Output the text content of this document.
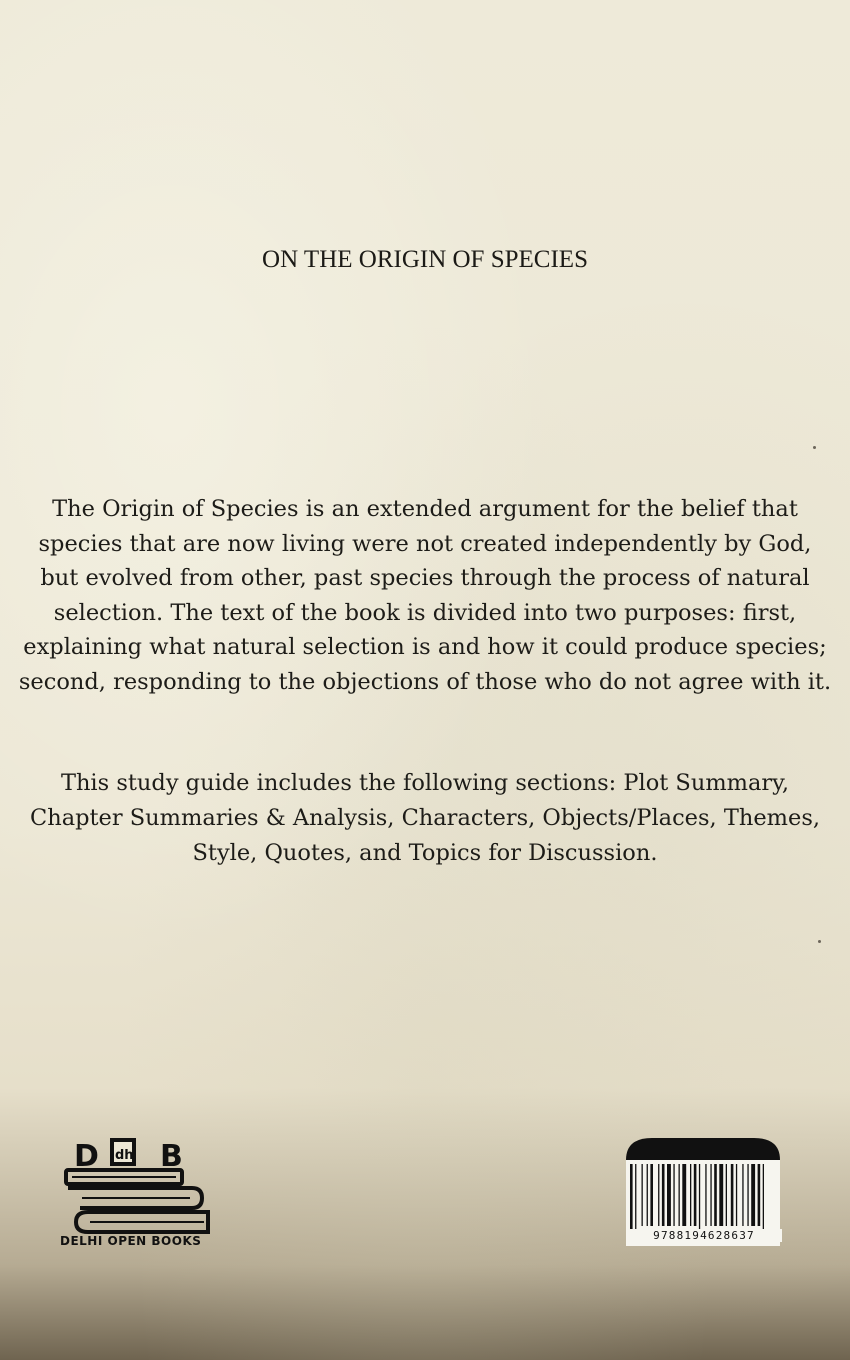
ON THE ORIGIN OF SPECIES
The Origin of Species is an extended argument for the belief that species that are now living were not created independently by God, but evolved from other, past species through the process of natural selection. The text of the book is divided into two purposes: first, explaining what natural selection is and how it could produce species; second, responding to the objections of those who do not agree with it.
This study guide includes the following sections: Plot Summary, Chapter Summaries & Analysis, Characters, Objects/Places, Themes, Style, Quotes, and Topics for Discussion.
D dh B
DELHI OPEN BOOKS	9788194628637
